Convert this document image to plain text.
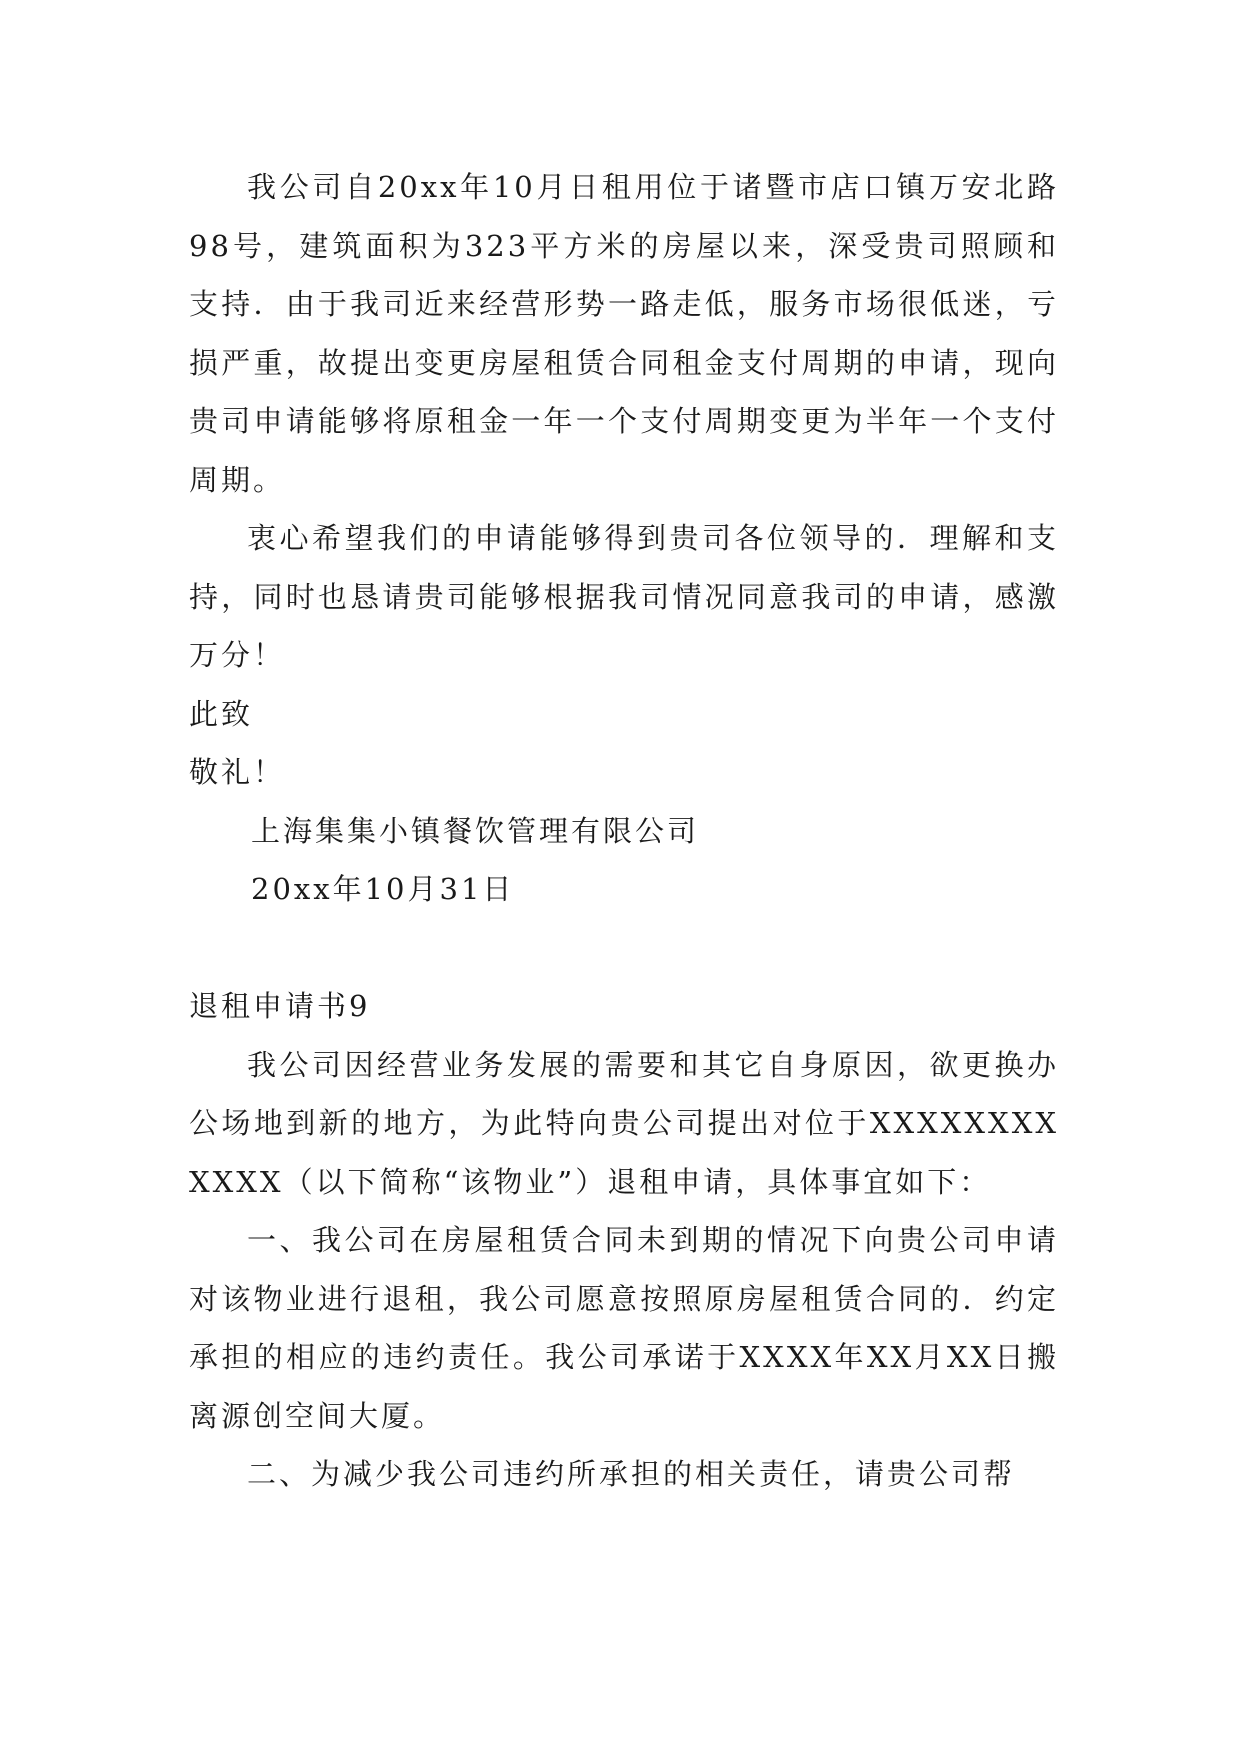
我公司自20xx年10月日租用位于诸暨市店口镇万安北路98号，建筑面积为323平方米的房屋以来，深受贵司照顾和支持．由于我司近来经营形势一路走低，服务市场很低迷，亏损严重，故提出变更房屋租赁合同租金支付周期的申请，现向贵司申请能够将原租金一年一个支付周期变更为半年一个支付周期。

衷心希望我们的申请能够得到贵司各位领导的．理解和支持，同时也恳请贵司能够根据我司情况同意我司的申请，感激万分！

此致

敬礼！

上海集集小镇餐饮管理有限公司

20xx年10月31日

退租申请书9

我公司因经营业务发展的需要和其它自身原因，欲更换办公场地到新的地方，为此特向贵公司提出对位于XXXXXXXXXXXX（以下简称“该物业”）退租申请，具体事宜如下：

一、我公司在房屋租赁合同未到期的情况下向贵公司申请对该物业进行退租，我公司愿意按照原房屋租赁合同的．约定承担的相应的违约责任。我公司承诺于XXXX年XX月XX日搬离源创空间大厦。

二、为减少我公司违约所承担的相关责任，请贵公司帮
